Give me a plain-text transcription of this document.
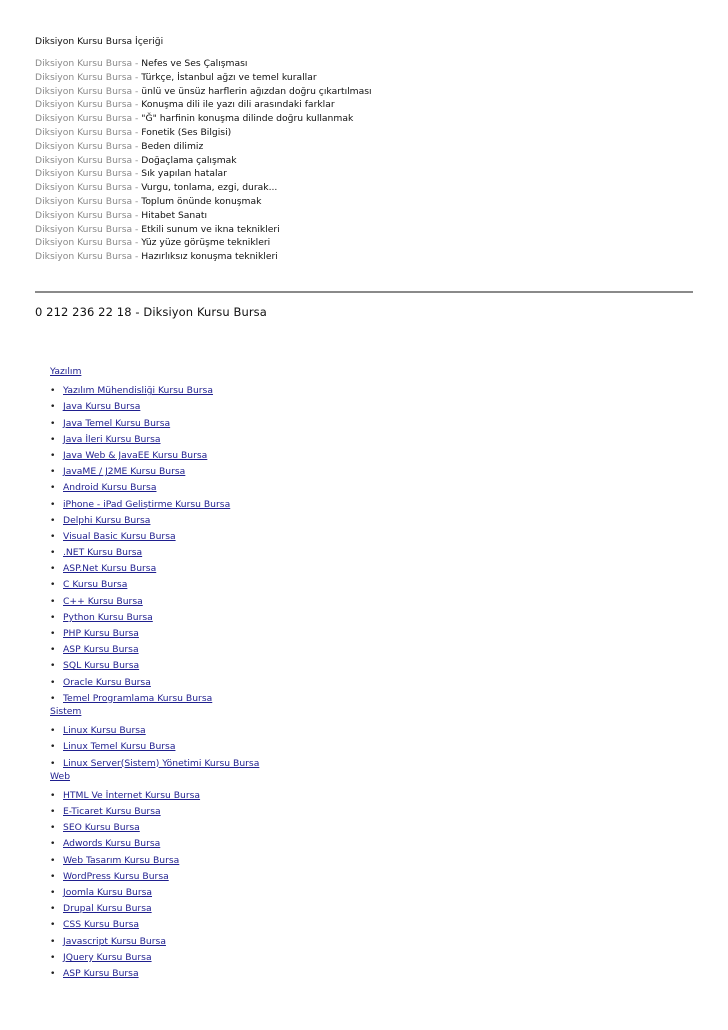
Diksiyon Kursu Bursa İçeriği
Diksiyon Kursu Bursa - Nefes ve Ses Çalışması
Diksiyon Kursu Bursa - Türkçe, İstanbul ağzı ve temel kurallar
Diksiyon Kursu Bursa - ünlü ve ünsüz harflerin ağızdan doğru çıkartılması
Diksiyon Kursu Bursa - Konuşma dili ile yazı dili arasındaki farklar
Diksiyon Kursu Bursa - "Ğ" harfinin konuşma dilinde doğru kullanmak
Diksiyon Kursu Bursa - Fonetik (Ses Bilgisi)
Diksiyon Kursu Bursa - Beden dilimiz
Diksiyon Kursu Bursa - Doğaçlama çalışmak
Diksiyon Kursu Bursa - Sık yapılan hatalar
Diksiyon Kursu Bursa - Vurgu, tonlama, ezgi, durak...
Diksiyon Kursu Bursa - Toplum önünde konuşmak
Diksiyon Kursu Bursa - Hitabet Sanatı
Diksiyon Kursu Bursa - Etkili sunum ve ikna teknikleri
Diksiyon Kursu Bursa - Yüz yüze görüşme teknikleri
Diksiyon Kursu Bursa - Hazırlıksız konuşma teknikleri
0 212 236 22 18 - Diksiyon Kursu Bursa
Yazılım
• Yazılım Mühendisliği Kursu Bursa
• Java Kursu Bursa
• Java Temel Kursu Bursa
• Java İleri Kursu Bursa
• Java Web & JavaEE Kursu Bursa
• JavaME / J2ME Kursu Bursa
• Android Kursu Bursa
• iPhone - iPad Geliştirme Kursu Bursa
• Delphi Kursu Bursa
• Visual Basic Kursu Bursa
• .NET Kursu Bursa
• ASP.Net Kursu Bursa
• C Kursu Bursa
• C++ Kursu Bursa
• Python Kursu Bursa
• PHP Kursu Bursa
• ASP Kursu Bursa
• SQL Kursu Bursa
• Oracle Kursu Bursa
• Temel Programlama Kursu Bursa
Sistem
• Linux Kursu Bursa
• Linux Temel Kursu Bursa
• Linux Server(Sistem) Yönetimi Kursu Bursa
Web
• HTML Ve İnternet Kursu Bursa
• E-Ticaret Kursu Bursa
• SEO Kursu Bursa
• Adwords Kursu Bursa
• Web Tasarım Kursu Bursa
• WordPress Kursu Bursa
• Joomla Kursu Bursa
• Drupal Kursu Bursa
• CSS Kursu Bursa
• Javascript Kursu Bursa
• JQuery Kursu Bursa
• ASP Kursu Bursa
